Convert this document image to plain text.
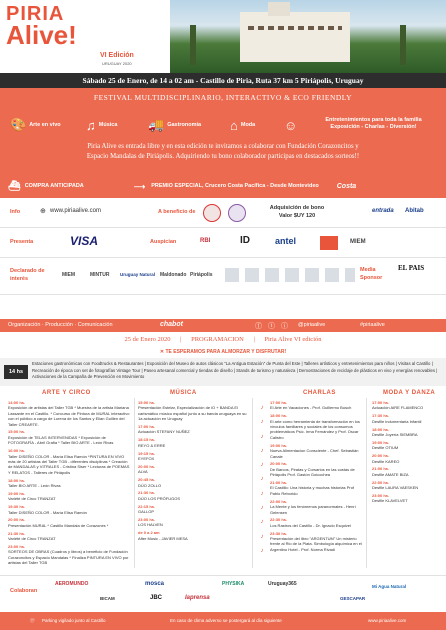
PIRIA
Alive!
VI Edición
URUGUAY 2020
Sábado 25 de Enero, de 14 a 02 am - Castillo de Piria, Ruta 37 km 5 Piriápolis, Uruguay
FESTIVAL MULTIDISCIPLINARIO, INTERACTIVO & ECO FRIENDLY
🎨 Arte en vivo ♫ Música 🚚 Gastronomía ⌂ Moda ☺	Entretenimientos para toda la familia
Exposición - Charlas - Diversión!
Piria Alive es entrada libre y en esta edición te invitamos a colaborar con Fundación Corazoncitos y
Espacio Mandalas de Piriápolis. Adquiriendo tu bono colaborador participas en destacados sorteos!!
⛴ COMPRA ANTICIPADA	⟶ PREMIO ESPECIAL, Crucero Costa Pacífica - Desde Montevideo	Costa
Info	⊕ www.piriaalive.com	A beneficio de
Adquisición de bono
Valor $UY 120
entrada Abitab
Presenta	VISA	Auspician	RBI	ID	antel	MIEM
Declarado de
interés
MIEM	MINTUR Uruguay Natural Maldonado Piriápolis
Media
Sponsor
EL PAIS
Organización · Producción · Comunicación	chabot	ⓕ ⓣ ⓘ @piriaalive	#piriaalive
25 de Enero 2020 | PROGRAMACION | Piria Alive VI edición
✕ TE ESPERAMOS PARA ALMORZAR Y DISFRUTAR!
14 hs
Estaciones gastronómicas con Foodtrucks & Restaurantes | Exposición del Museo de autos clásicos "La Antigua Estación" de Punta del Este | Talleres artísticos y entretenimientos para niños | Visitas al Castillo | Recreación de época con set de fotografías Vintage Tour | Paseo artesanal comercial y tiendas de diseño | Stands de turismo y naturaleza | Demostraciones de reciclaje de plásticos en vivo y energías renovables | Activaciones de la Campaña de Prevención en Movimiento
ARTE Y CIRCO	MÚSICA	CHARLAS	MODA Y DANZA
14:00 hs.
Exposición de artistas del Taller TGB * Muestra de la artista Mariana Lassante en el Castillo. * Concurso de Pintura de MURAL interactivo con el público a cargo de Lorena de los Santos y Elian Guillen del Taller CREARTE.
15:00 hs.
Exposición de TELAS INTERVENIDAS * Exposición de FOTOGRAFÍA - Abril Grafia * Taller BIO ARTE - León Rivas
16:00 hs.
Taller DISEÑO COLOR - María Elisa Ramón *PINTURA EN VIVO más de 20 artistas del Taller TGB - diferentes disciplinas * Creación de MANDALAS y VITRALES - Cristina Siser * Lecturas de POEMAS Y RELATOS - Talleres de Piriápolis
18:00 hs.
Taller BIO ARTE - León Rivas
19:00 hs.
Variété de Circo TRANZAT
19:30 hs.
Taller DISEÑO COLOR - María Elisa Ramón
20:00 hs.
Presentación MURAL * Castillo Mandala de Corazones *
21:30 hs.
Variété de Circo TRANZAT
23:00 hs.
SORTEOS DE OBRAS (Cuadros y libros) a beneficio de Fundación Corazoncitos y Espacio Mandalas * Finaliza PINTURA EN VIVO por artistas del Taller TGB
15:00 hs.
Presentación Estelar, Especialización de iO + BANDA El carismático músico español junto a su banda uruguaya en su 1a actuación en Uruguay
17:00 hs.
Actuación STEFANY NUÑEZ
18:15 hs.
REYO & ERRE
19:15 hs.
EYEFOX
20:00 hs.
ALVA
20:45 hs.
DÚO ZOLLO
21:30 hs.
DÚO LOS PRÓFUGOS
22:15 hs.
GALLOP
23:00 hs.
LOS HALVEN
de 0 a 2 am
After Music - JAVIER MESA
♪
♪
♪
♪
♪
♪
♪
♪
♪
♪
♪
17:00 hs.
El Arte en Vacaciones - Prof. Guillermo Busch
18:00 hs.
El arte como herramienta de transformación en los vínculos familiares y sociales de los consumos problemáticos Psic. Irma Fernández y Prof. Oscar Calistro
19:00 hs.
Nueva Alimentacion Consciente - Chef. Sebastián Canale
20:00 hs.
De Barcos, Piratas y Corsarios en las costas de Piriápolis Prof. Gastón Goicochea
21:00 hs.
El Castillo: Una historia y muchas historias Prof Pablo Reborido
22:00 hs.
La Mente y los fenómenos paranormales - Henri Gelensen
22:30 hs.
Los Rastros del Castillo - Dr. Ignacio Esquivel
23:30 hs.
Presentación del libro "ARGENTUM" Un misterio frente al Rio de la Plata. Simbología alquímica en el Argentino Hotel - Prof. Norma Rivadi
17:00 hs.
Actuación AIRE FLAMENCO
17:30 hs.
Desfile indumentaria Infantil
18:00 hs.
Desfile Joyería SIEMBRA
19:00 hs.
Desfile OTIUM
20:00 hs.
Desfile KAREO
21:00 hs.
Desfile AMATE BIZA
22:00 hs.
Desfile LAURA VAESKEN
23:00 hs.
Desfile KLAVELVET
Colaboran
AEROMUNDO	mosca	PHYSIKA	Uruguay365
BICAM	JBC	laprensa	GESCAPAR
Mi Agua Natural
Ⓟ Parking vigilado junto al Castillo	En caso de clima adverso se postergará al día siguiente	www.piriaalive.com
